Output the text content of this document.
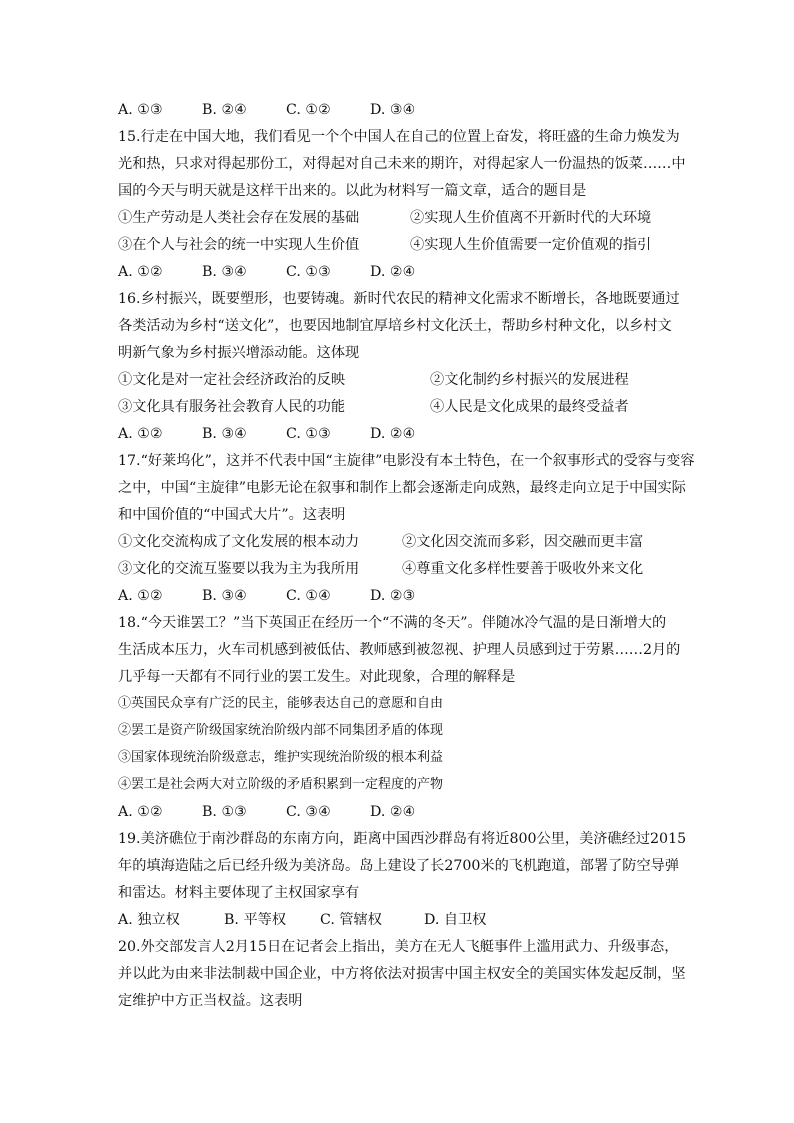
A. ①③	B. ②④	C. ①②	D. ③④
15.行走在中国大地，我们看见一个个中国人在自己的位置上奋发，将旺盛的生命力焕发为
光和热，只求对得起那份工，对得起对自己未来的期许，对得起家人一份温热的饭菜……中
国的今天与明天就是这样干出来的。以此为材料写一篇文章，适合的题目是
①生产劳动是人类社会存在发展的基础	②实现人生价值离不开新时代的大环境
③在个人与社会的统一中实现人生价值	④实现人生价值需要一定价值观的指引
A. ①②	B. ③④	C. ①③	D. ②④
16.乡村振兴，既要塑形，也要铸魂。新时代农民的精神文化需求不断增长，各地既要通过
各类活动为乡村“送文化”，也要因地制宜厚培乡村文化沃土，帮助乡村种文化，以乡村文
明新气象为乡村振兴增添动能。这体现
①文化是对一定社会经济政治的反映	②文化制约乡村振兴的发展进程
③文化具有服务社会教育人民的功能	④人民是文化成果的最终受益者
A. ①②	B. ③④	C. ①③	D. ②④
17.“好莱坞化”，这并不代表中国“主旋律”电影没有本土特色，在一个叙事形式的受容与变容
之中，中国“主旋律”电影无论在叙事和制作上都会逐渐走向成熟，最终走向立足于中国实际
和中国价值的“中国式大片”。这表明
①文化交流构成了文化发展的根本动力	②文化因交流而多彩，因交融而更丰富
③文化的交流互鉴要以我为主为我所用	④尊重文化多样性要善于吸收外来文化
A. ①②	B. ③④	C. ①④	D. ②③
18.“今天谁罢工？”当下英国正在经历一个“不满的冬天”。伴随冰冷气温的是日渐增大的
生活成本压力，火车司机感到被低估、教师感到被忽视、护理人员感到过于劳累……2月的
几乎每一天都有不同行业的罢工发生。对此现象，合理的解释是
①英国民众享有广泛的民主，能够表达自己的意愿和自由
②罢工是资产阶级国家统治阶级内部不同集团矛盾的体现
③国家体现统治阶级意志，维护实现统治阶级的根本利益
④罢工是社会两大对立阶级的矛盾积累到一定程度的产物
A. ①②	B. ①③	C. ③④	D. ②④
19.美济礁位于南沙群岛的东南方向，距离中国西沙群岛有将近800公里，美济礁经过2015
年的填海造陆之后已经升级为美济岛。岛上建设了长2700米的飞机跑道，部署了防空导弹
和雷达。材料主要体现了主权国家享有
A. 独立权	B. 平等权 C. 管辖权	D. 自卫权
20.外交部发言人2月15日在记者会上指出，美方在无人飞艇事件上滥用武力、升级事态，
并以此为由来非法制裁中国企业，中方将依法对损害中国主权安全的美国实体发起反制，坚
定维护中方正当权益。这表明
